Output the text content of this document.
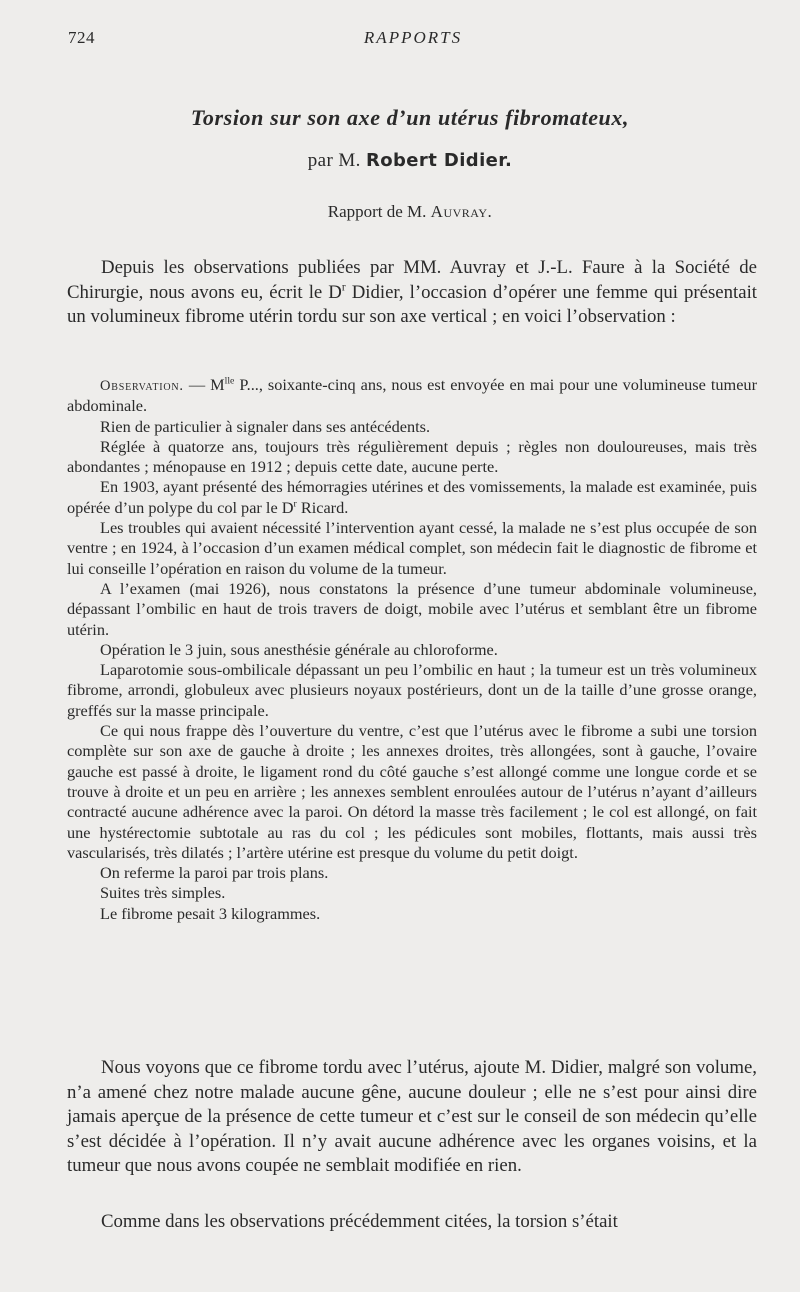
724	RAPPORTS
Torsion sur son axe d’un utérus fibromateux,
par M. Robert Didier.
Rapport de M. Auvray.

Depuis les observations publiées par MM. Auvray et J.-L. Faure à la Société de Chirurgie, nous avons eu, écrit le $D^r$ Didier, l’occasion d’opérer une femme qui présentait un volumineux fibrome utérin tordu sur son axe vertical ; en voici l’observation :

Observation. — $M^{lle}$ P..., soixante-cinq ans, nous est envoyée en mai pour une volumineuse tumeur abdominale.

Rien de particulier à signaler dans ses antécédents.

Réglée à quatorze ans, toujours très régulièrement depuis ; règles non douloureuses, mais très abondantes ; ménopause en 1912 ; depuis cette date, aucune perte.

En 1903, ayant présenté des hémorragies utérines et des vomissements, la malade est examinée, puis opérée d’un polype du col par le $D^r$ Ricard.

Les troubles qui avaient nécessité l’intervention ayant cessé, la malade ne s’est plus occupée de son ventre ; en 1924, à l’occasion d’un examen médical complet, son médecin fait le diagnostic de fibrome et lui conseille l’opération en raison du volume de la tumeur.

A l’examen (mai 1926), nous constatons la présence d’une tumeur abdominale volumineuse, dépassant l’ombilic en haut de trois travers de doigt, mobile avec l’utérus et semblant être un fibrome utérin.

Opération le 3 juin, sous anesthésie générale au chloroforme.

Laparotomie sous-ombilicale dépassant un peu l’ombilic en haut ; la tumeur est un très volumineux fibrome, arrondi, globuleux avec plusieurs noyaux postérieurs, dont un de la taille d’une grosse orange, greffés sur la masse principale.

Ce qui nous frappe dès l’ouverture du ventre, c’est que l’utérus avec le fibrome a subi une torsion complète sur son axe de gauche à droite ; les annexes droites, très allongées, sont à gauche, l’ovaire gauche est passé à droite, le ligament rond du côté gauche s’est allongé comme une longue corde et se trouve à droite et un peu en arrière ; les annexes semblent enroulées autour de l’utérus n’ayant d’ailleurs contracté aucune adhérence avec la paroi. On détord la masse très facilement ; le col est allongé, on fait une hystérectomie subtotale au ras du col ; les pédicules sont mobiles, flottants, mais aussi très vascularisés, très dilatés ; l’artère utérine est presque du volume du petit doigt.

On referme la paroi par trois plans.

Suites très simples.

Le fibrome pesait 3 kilogrammes.

Nous voyons que ce fibrome tordu avec l’utérus, ajoute M. Didier, malgré son volume, n’a amené chez notre malade aucune gêne, aucune douleur ; elle ne s’est pour ainsi dire jamais aperçue de la présence de cette tumeur et c’est sur le conseil de son médecin qu’elle s’est décidée à l’opération. Il n’y avait aucune adhérence avec les organes voisins, et la tumeur que nous avons coupée ne semblait modifiée en rien.

Comme dans les observations précédemment citées, la torsion s’était
